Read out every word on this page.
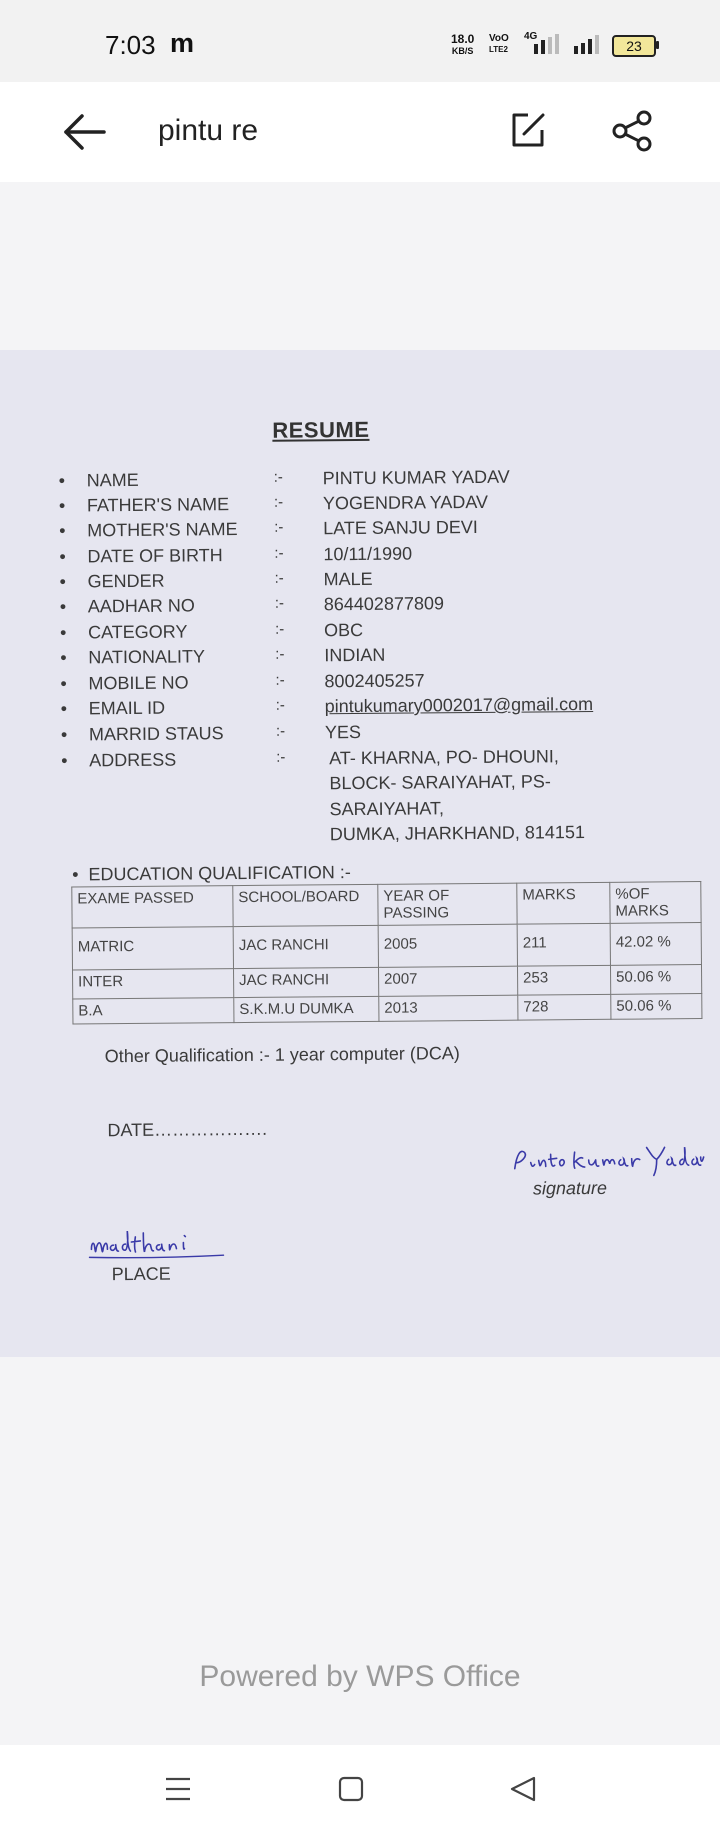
7:03 m	18.0
KB/S
VoO
LTE2
4G
23
pintu re
RESUME
• NAME	:- PINTU KUMAR YADAV
• FATHER'S NAME	:- YOGENDRA YADAV
• MOTHER'S NAME :- LATE SANJU DEVI
• DATE OF BIRTH	:- 10/11/1990
• GENDER	:- MALE
• AADHAR NO	:- 864402877809
• CATEGORY	:- OBC
• NATIONALITY	:- INDIAN
• MOBILE NO	:- 8002405257
• EMAIL ID	:- pintukumary0002017@gmail.com
• MARRID STAUS	:- YES
• ADDRESS	:- AT- KHARNA, PO- DHOUNI,
BLOCK- SARAIYAHAT, PS-
SARAIYAHAT,
DUMKA, JHARKHAND, 814151
•  EDUCATION QUALIFICATION :-
EXAME PASSED	SCHOOL/BOARD	YEAR OF PASSING	MARKS	%OF MARKS
MATRIC	JAC RANCHI	2005	211	42.02 %
INTER	JAC RANCHI	2007	253	50.06 %
B.A	S.K.M.U DUMKA	2013	728	50.06 %
Other Qualification :- 1 year computer (DCA)
DATE……………….
signature
PLACE
Powered by WPS Office
